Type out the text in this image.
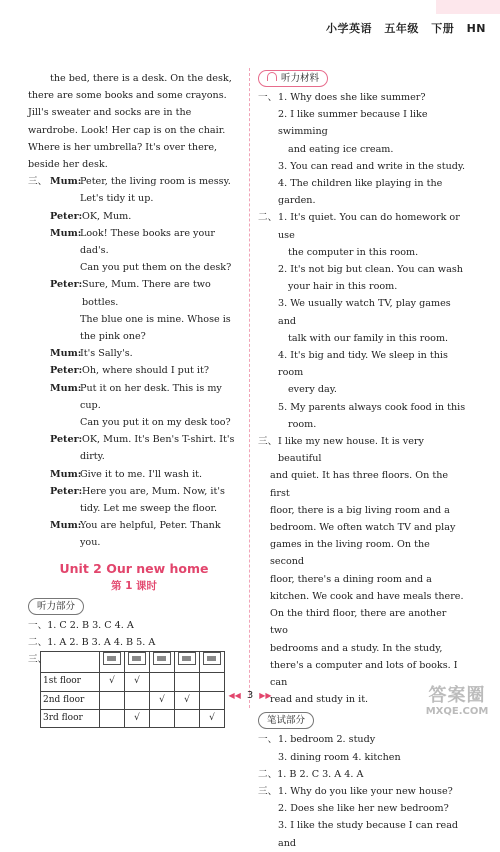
小学英语 五年级 下册 HN
the bed, there is a desk. On the desk,
there are some books and some crayons.
Jill's sweater and socks are in the
wardrobe. Look! Her cap is on the chair.
Where is her umbrella? It's over there,
beside her desk.
三、 Mum:
Peter, the living room is messy.
Let's tidy it up.
Peter: OK, Mum.
Mum:
Look! These books are your dad's.
Can you put them on the desk?
Peter: Sure, Mum. There are two bottles.
The blue one is mine. Whose is
the pink one?
Mum:
It's Sally's.
Peter: Oh, where should I put it?
Mum:
Put it on her desk. This is my cup.
Can you put it on my desk too?
Peter: OK, Mum. It's Ben's T-shirt. It's
dirty.
Mum:
Give it to me. I'll wash it.
Peter: Here you are, Mum. Now, it's
tidy. Let me sweep the floor.
Mum:
You are helpful, Peter. Thank you.
Unit 2 Our new home
第 1 课时
听力部分
一、1. C 2. B 3. C 4. A
二、1. A 2. B 3. A 4. B 5. A
三、

1st floor	√	√			
2nd floor			√	√	
3rd floor		√			√
听力材料
一、 1. Why does she like summer?
2. I like summer because I like swimming
and eating ice cream.
3. You can read and write in the study.
4. The children like playing in the garden.
二、 1. It's quiet. You can do homework or use
the computer in this room.
2. It's not big but clean. You can wash
your hair in this room.
3. We usually watch TV, play games and
talk with our family in this room.
4. It's big and tidy. We sleep in this room
every day.
5. My parents always cook food in this
room.
三、 I like my new house. It is very beautiful
and quiet. It has three floors. On the first
floor, there is a big living room and a
bedroom. We often watch TV and play
games in the living room. On the second
floor, there's a dining room and a
kitchen. We cook and have meals there.
On the third floor, there are another two
bedrooms and a study. In the study,
there's a computer and lots of books. I can
read and study in it.
笔试部分
一、 1. bedroom 2. study
3. dining room 4. kitchen
二、1. B 2. C 3. A 4. A
三、 1. Why do you like your new house?
2. Does she like her new bedroom?
3. I like the study because I can read and
◀◀ 3 ▶▶	答案圈
MXQE.COM
